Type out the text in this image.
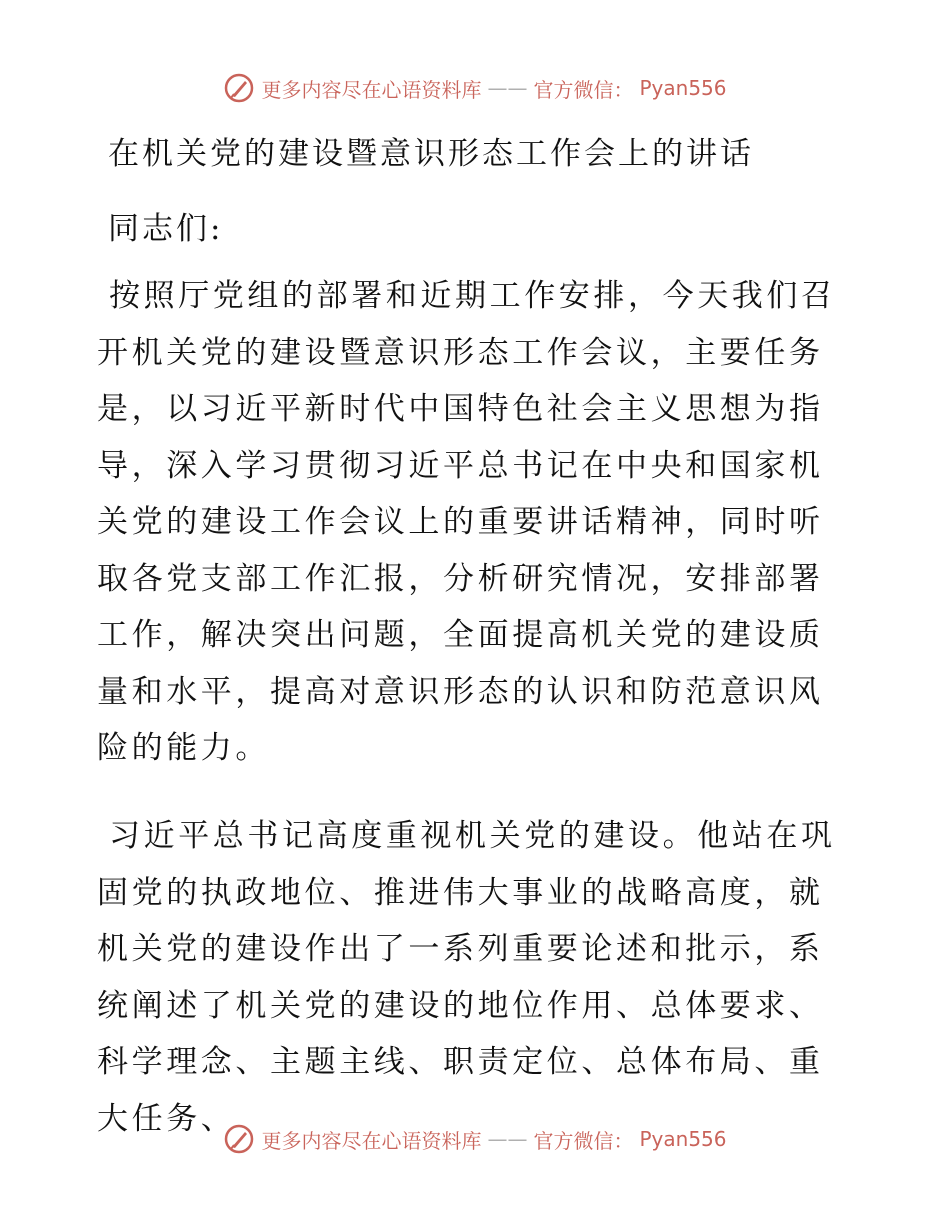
更多内容尽在心语资料库 —— 官方微信： Pyan556
在机关党的建设暨意识形态工作会上的讲话
同志们:

按照厅党组的部署和近期工作安排，今天我们召开机关党的建设暨意识形态工作会议，主要任务是，以习近平新时代中国特色社会主义思想为指导，深入学习贯彻习近平总书记在中央和国家机关党的建设工作会议上的重要讲话精神，同时听取各党支部工作汇报，分析研究情况，安排部署工作，解决突出问题，全面提高机关党的建设质量和水平，提高对意识形态的认识和防范意识风险的能力。

习近平总书记高度重视机关党的建设。他站在巩固党的执政地位、推进伟大事业的战略高度，就机关党的建设作出了一系列重要论述和批示，系统阐述了机关党的建设的地位作用、总体要求、科学理念、主题主线、职责定位、总体布局、重大任务、

更多内容尽在心语资料库 —— 官方微信： Pyan556
